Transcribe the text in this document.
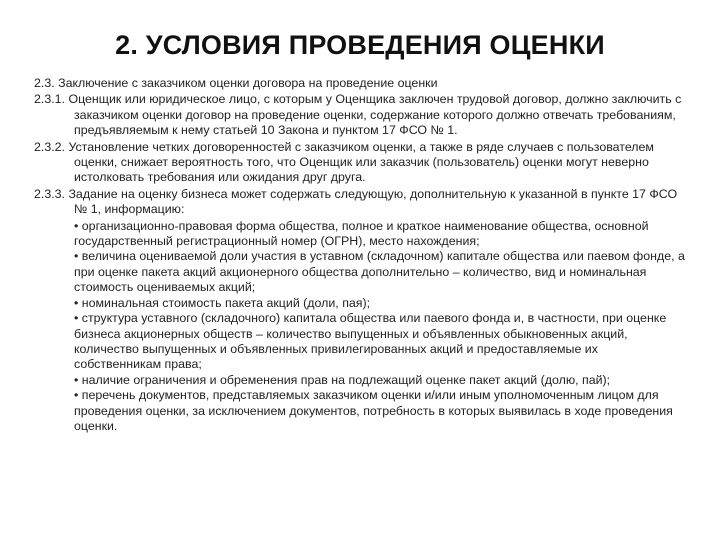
2. УСЛОВИЯ ПРОВЕДЕНИЯ ОЦЕНКИ

2.3. Заключение с заказчиком оценки договора на проведение оценки

2.3.1. Оценщик или юридическое лицо, с которым у Оценщика заключен трудовой договор, должно заключить с заказчиком оценки договор на проведение оценки, содержание которого должно отвечать требованиям, предъявляемым к нему статьей 10 Закона и пунктом 17 ФСО № 1.

2.3.2. Установление четких договоренностей с заказчиком оценки, а также в ряде случаев с пользователем оценки, снижает вероятность того, что Оценщик или заказчик (пользователь) оценки могут неверно истолковать требования или ожидания друг друга.

2.3.3. Задание на оценку бизнеса может содержать следующую, дополнительную к указанной в пункте 17 ФСО № 1, информацию:

• организационно-правовая форма общества, полное и краткое наименование общества, основной государственный регистрационный номер (ОГРН), место нахождения;

• величина оцениваемой доли участия в уставном (складочном) капитале общества или паевом фонде, а при оценке пакета акций акционерного общества дополнительно – количество, вид и номинальная стоимость оцениваемых акций;

• номинальная стоимость пакета акций (доли, пая);

• структура уставного (складочного) капитала общества или паевого фонда и, в частности, при оценке бизнеса акционерных обществ – количество выпущенных и объявленных обыкновенных акций, количество выпущенных и объявленных привилегированных акций и предоставляемые их собственникам права;

• наличие ограничения и обременения прав на подлежащий оценке пакет акций (долю, пай);

• перечень документов, представляемых заказчиком оценки и/или иным уполномоченным лицом для проведения оценки, за исключением документов, потребность в которых выявилась в ходе проведения оценки.
